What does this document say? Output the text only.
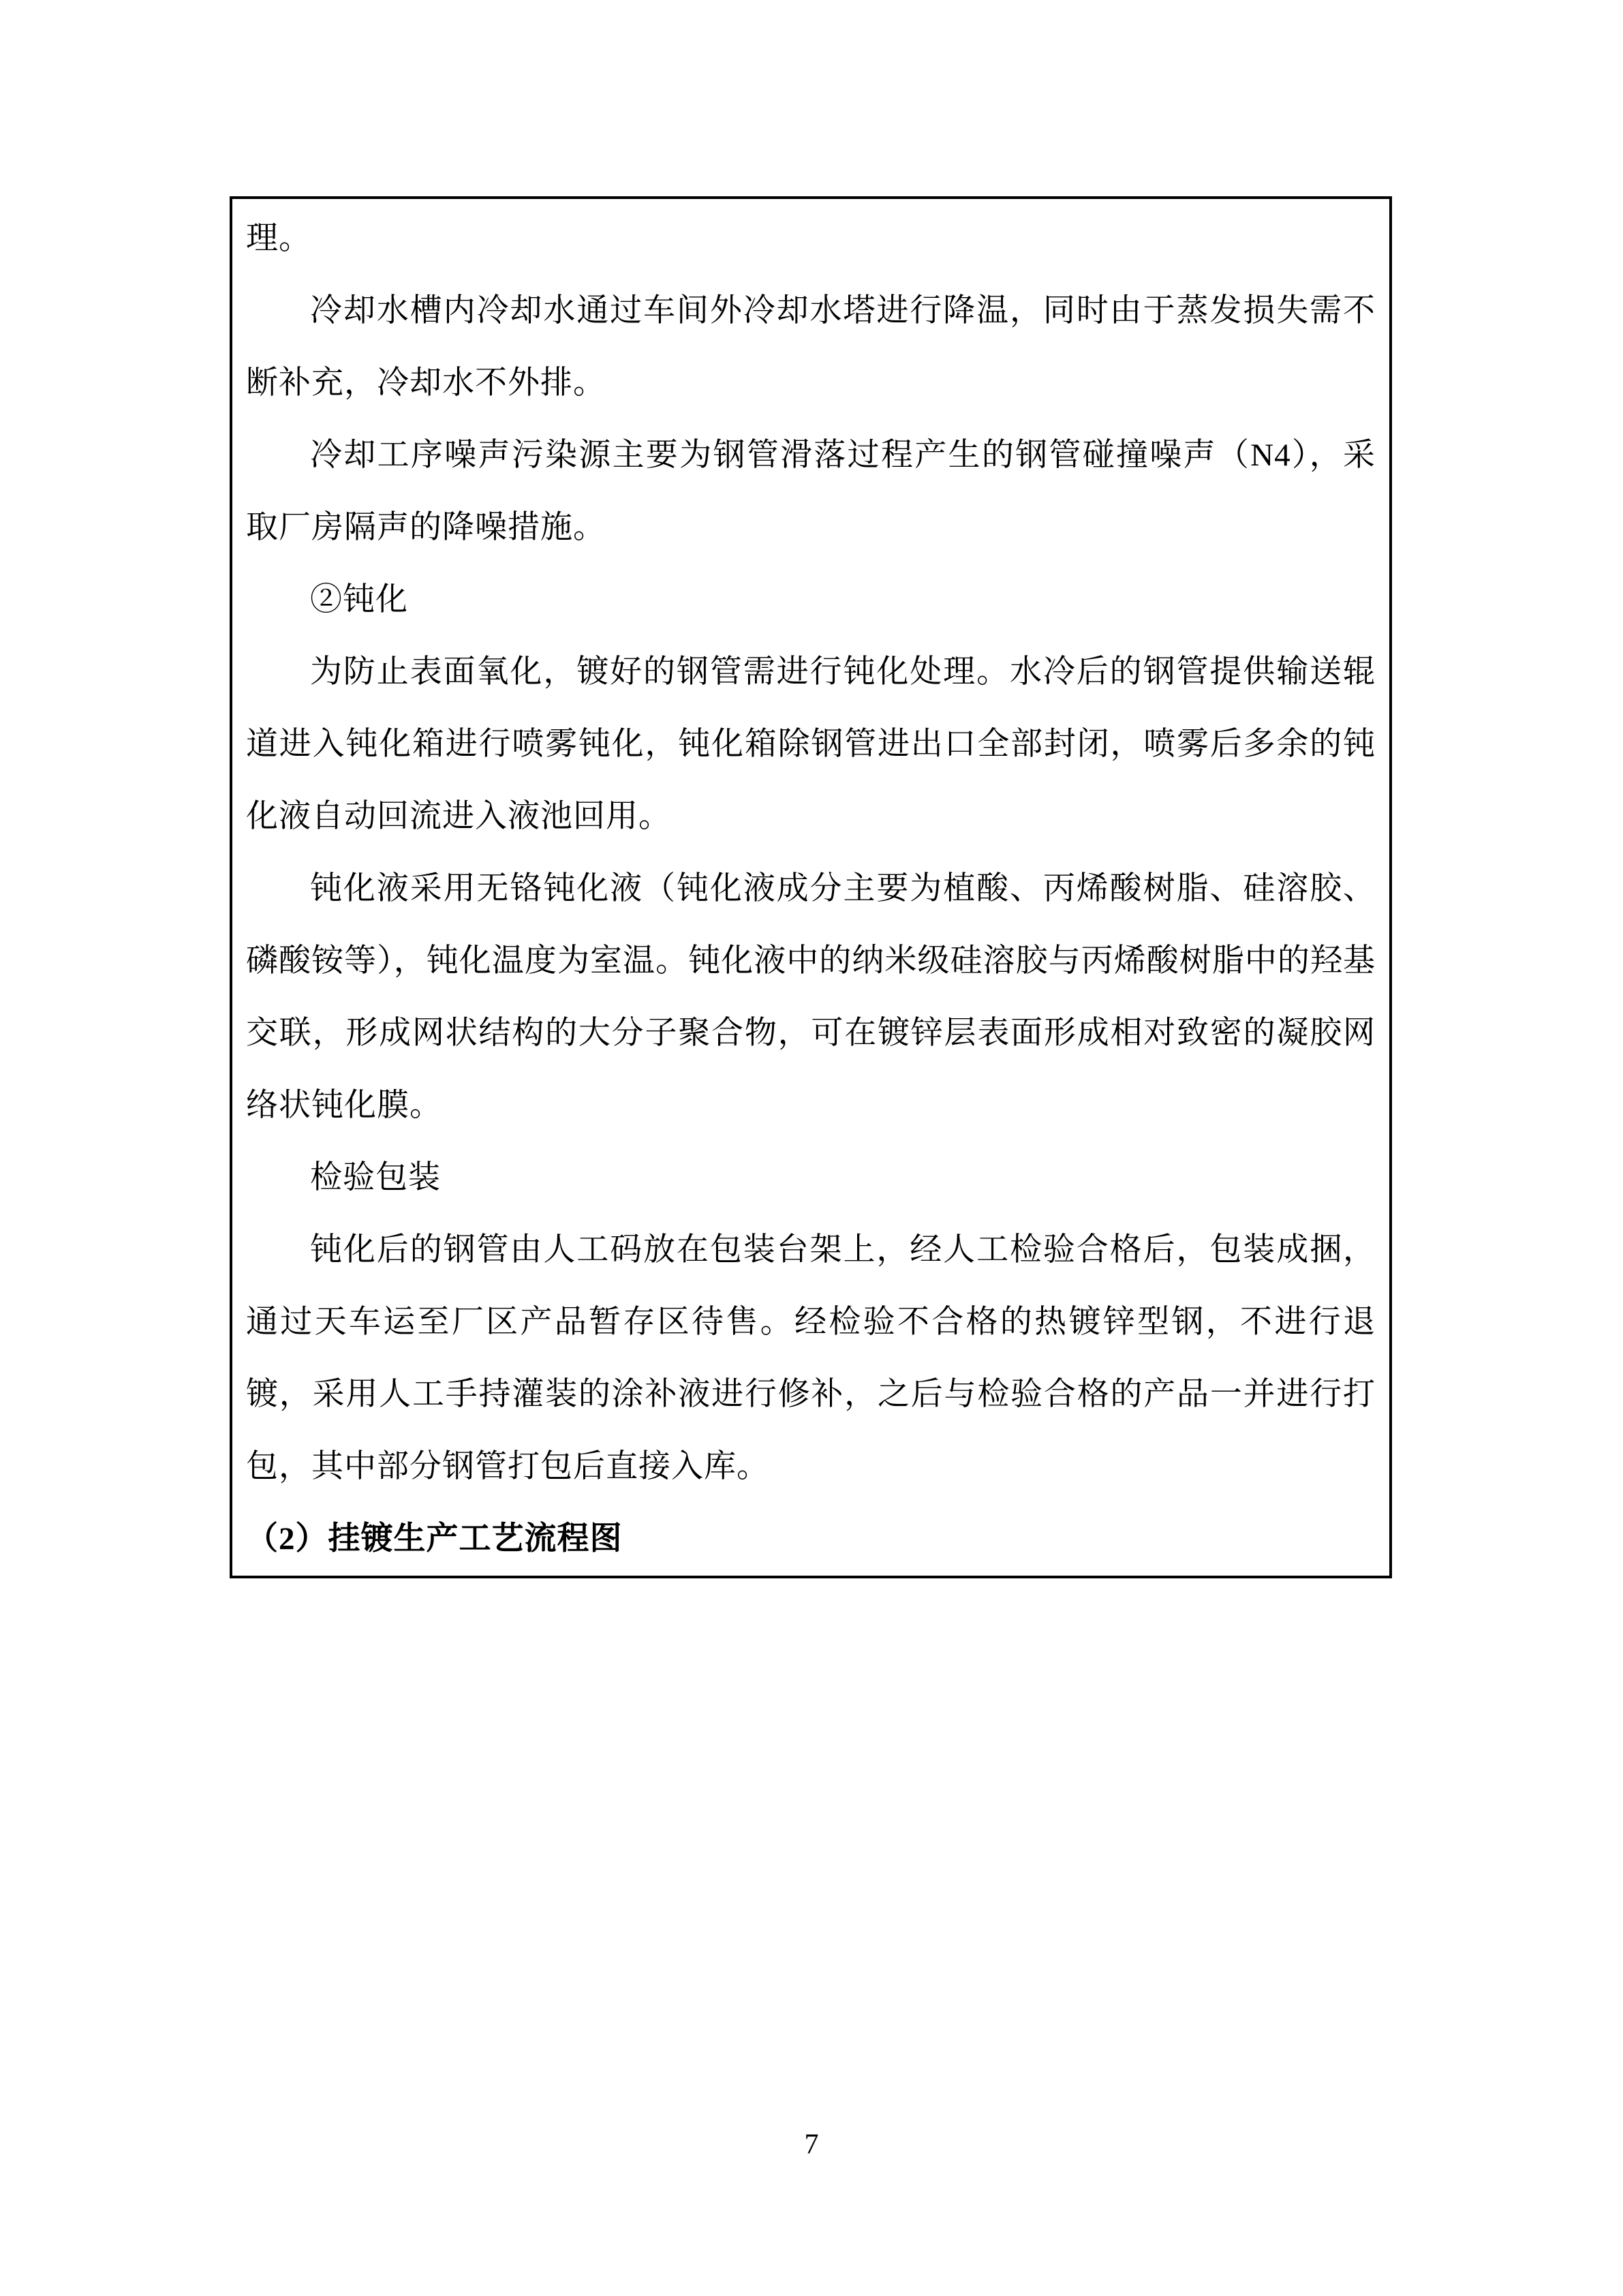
理。

冷却水槽内冷却水通过车间外冷却水塔进行降温，同时由于蒸发损失需不断补充，冷却水不外排。

冷却工序噪声污染源主要为钢管滑落过程产生的钢管碰撞噪声（N4），采取厂房隔声的降噪措施。

②钝化

为防止表面氧化，镀好的钢管需进行钝化处理。水冷后的钢管提供输送辊道进入钝化箱进行喷雾钝化，钝化箱除钢管进出口全部封闭，喷雾后多余的钝化液自动回流进入液池回用。

钝化液采用无铬钝化液（钝化液成分主要为植酸、丙烯酸树脂、硅溶胶、磷酸铵等），钝化温度为室温。钝化液中的纳米级硅溶胶与丙烯酸树脂中的羟基交联，形成网状结构的大分子聚合物，可在镀锌层表面形成相对致密的凝胶网络状钝化膜。

检验包装

钝化后的钢管由人工码放在包装台架上，经人工检验合格后，包装成捆，通过天车运至厂区产品暂存区待售。经检验不合格的热镀锌型钢，不进行退镀，采用人工手持灌装的涂补液进行修补，之后与检验合格的产品一并进行打包，其中部分钢管打包后直接入库。

（2）挂镀生产工艺流程图

7
